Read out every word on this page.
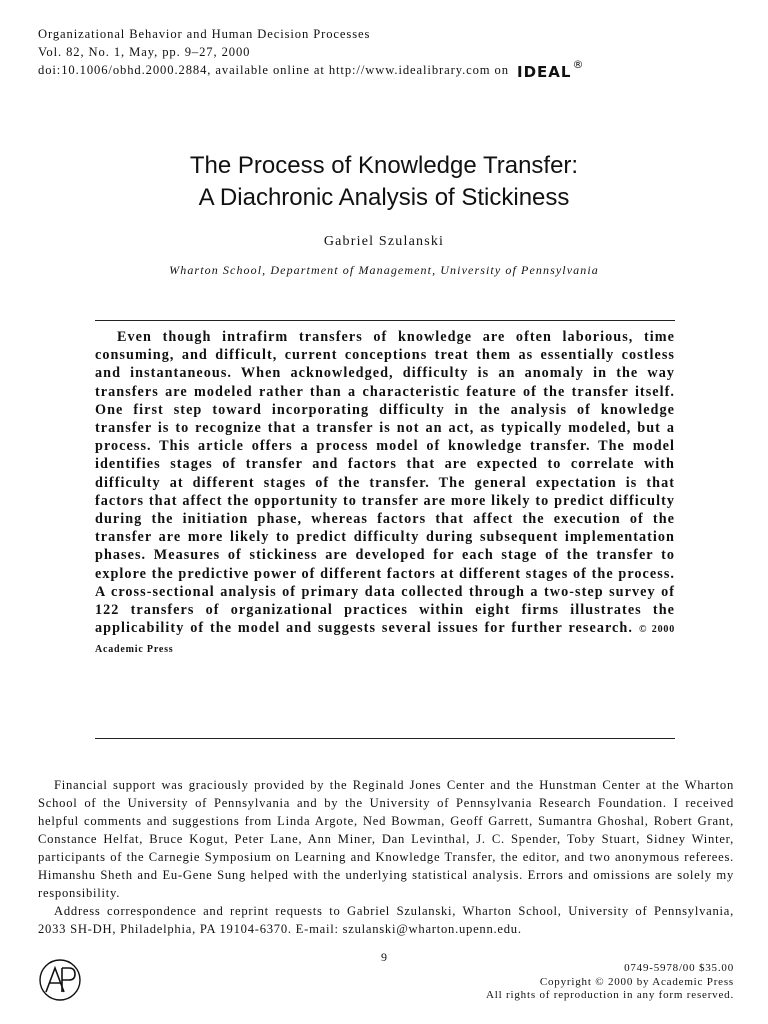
Organizational Behavior and Human Decision Processes
Vol. 82, No. 1, May, pp. 9–27, 2000
doi:10.1006/obhd.2000.2884, available online at http://www.idealibrary.com on IDEAL ®
The Process of Knowledge Transfer:
A Diachronic Analysis of Stickiness
Gabriel Szulanski
Wharton School, Department of Management, University of Pennsylvania

Even though intrafirm transfers of knowledge are often laborious, time consuming, and difficult, current conceptions treat them as essentially costless and instantaneous. When acknowledged, difficulty is an anomaly in the way transfers are modeled rather than a characteristic feature of the transfer itself. One first step toward incorporating difficulty in the analysis of knowledge transfer is to recognize that a transfer is not an act, as typically modeled, but a process. This article offers a process model of knowledge transfer. The model identifies stages of transfer and factors that are expected to correlate with difficulty at different stages of the transfer. The general expectation is that factors that affect the opportunity to transfer are more likely to predict difficulty during the initiation phase, whereas factors that affect the execution of the transfer are more likely to predict difficulty during subsequent implementation phases. Measures of stickiness are developed for each stage of the transfer to explore the predictive power of different factors at different stages of the process. A cross-sectional analysis of primary data collected through a two-step survey of 122 transfers of organizational practices within eight firms illustrates the applicability of the model and suggests several issues for further research. © 2000 Academic Press

Financial support was graciously provided by the Reginald Jones Center and the Hunstman Center at the Wharton School of the University of Pennsylvania and by the University of Pennsylvania Research Foundation. I received helpful comments and suggestions from Linda Argote, Ned Bowman, Geoff Garrett, Sumantra Ghoshal, Robert Grant, Constance Helfat, Bruce Kogut, Peter Lane, Ann Miner, Dan Levinthal, J. C. Spender, Toby Stuart, Sidney Winter, participants of the Carnegie Symposium on Learning and Knowledge Transfer, the editor, and two anonymous referees. Himanshu Sheth and Eu-Gene Sung helped with the underlying statistical analysis. Errors and omissions are solely my responsibility.

Address correspondence and reprint requests to Gabriel Szulanski, Wharton School, University of Pennsylvania, 2033 SH-DH, Philadelphia, PA 19104-6370. E-mail: szulanski@wharton.upenn.edu.

9
AP
0749-5978/00 $35.00
Copyright © 2000 by Academic Press
All rights of reproduction in any form reserved.
